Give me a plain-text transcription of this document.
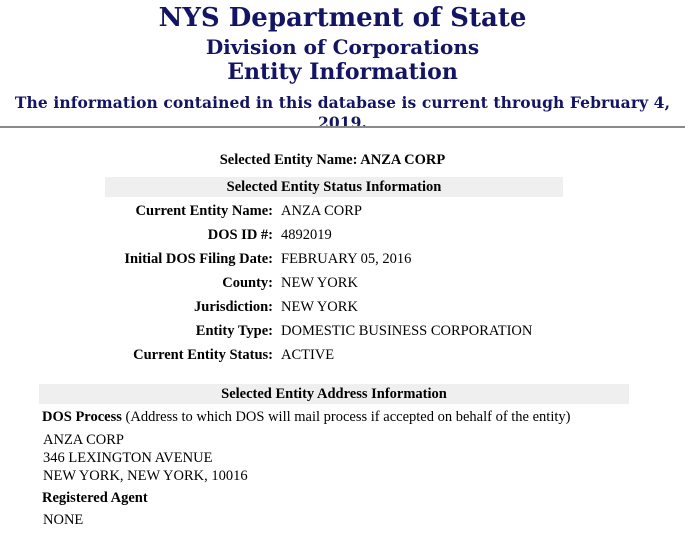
NYS Department of State
Division of Corporations
Entity Information
The information contained in this database is current through February 4, 2019.
Selected Entity Name: ANZA CORP
Selected Entity Status Information
Current Entity Name: ANZA CORP
DOS ID #: 4892019
Initial DOS Filing Date: FEBRUARY 05, 2016
County: NEW YORK
Jurisdiction: NEW YORK
Entity Type: DOMESTIC BUSINESS CORPORATION
Current Entity Status: ACTIVE
Selected Entity Address Information
DOS Process (Address to which DOS will mail process if accepted on behalf of the entity)
ANZA CORP
346 LEXINGTON AVENUE
NEW YORK, NEW YORK, 10016
Registered Agent
NONE
